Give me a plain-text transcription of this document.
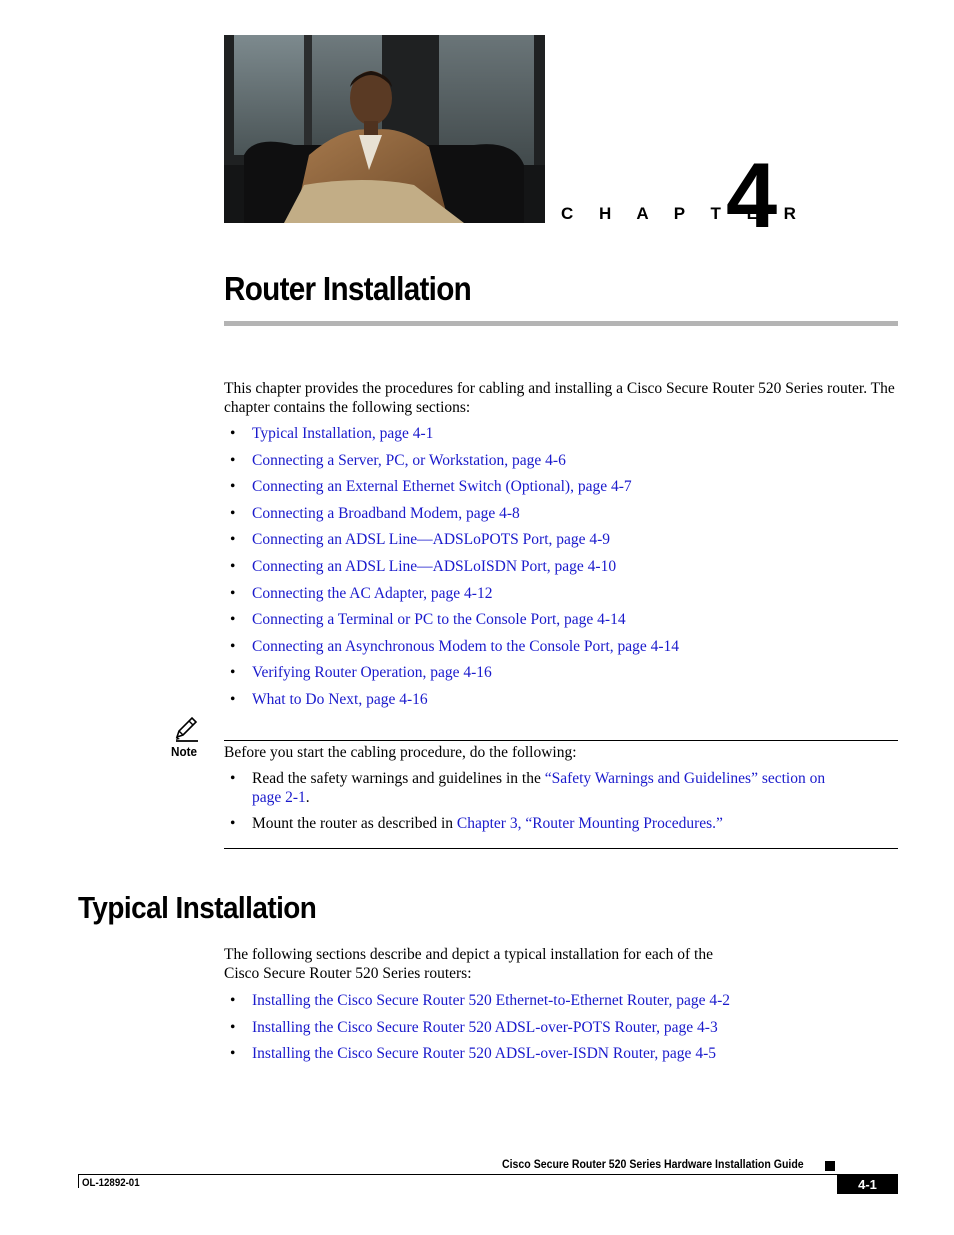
C H A P T E R
4
Router Installation
This chapter provides the procedures for cabling and installing a Cisco Secure Router 520 Series router. The chapter contains the following sections:
• Typical Installation, page 4-1
• Connecting a Server, PC, or Workstation, page 4-6
• Connecting an External Ethernet Switch (Optional), page 4-7
• Connecting a Broadband Modem, page 4-8
• Connecting an ADSL Line—ADSLoPOTS Port, page 4-9
• Connecting an ADSL Line—ADSLoISDN Port, page 4-10
• Connecting the AC Adapter, page 4-12
• Connecting a Terminal or PC to the Console Port, page 4-14
• Connecting an Asynchronous Modem to the Console Port, page 4-14
• Verifying Router Operation, page 4-16
• What to Do Next, page 4-16
Note Before you start the cabling procedure, do the following:
•	Read the safety warnings and guidelines in the “Safety Warnings and Guidelines” section on
page 2-1.
•	Mount the router as described in Chapter 3, “Router Mounting Procedures.”
Typical Installation
The following sections describe and depict a typical installation for each of the
Cisco Secure Router 520 Series routers:
• Installing the Cisco Secure Router 520 Ethernet-to-Ethernet Router, page 4-2
• Installing the Cisco Secure Router 520 ADSL-over-POTS Router, page 4-3
• Installing the Cisco Secure Router 520 ADSL-over-ISDN Router, page 4-5
Cisco Secure Router 520 Series Hardware Installation Guide
OL-12892-01	4-1
